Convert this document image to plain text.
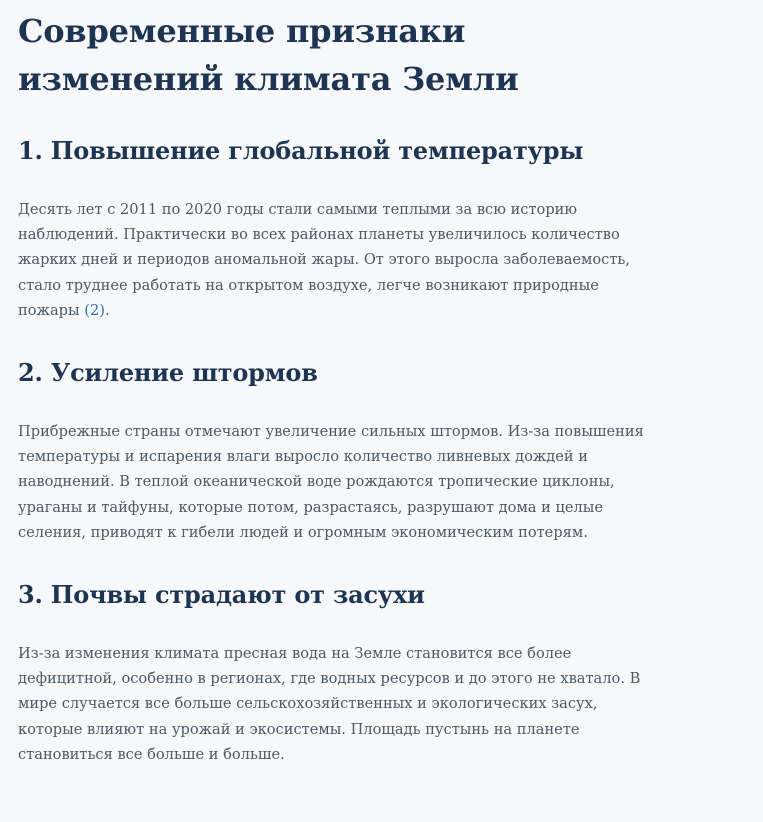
Современные признаки изменений климата Земли
1. Повышение глобальной температуры

Десять лет с 2011 по 2020 годы стали самыми теплыми за всю историю наблюдений. Практически во всех районах планеты увеличилось количество жарких дней и периодов аномальной жары. От этого выросла заболеваемость, стало труднее работать на открытом воздухе, легче возникают природные пожары (2).

2. Усиление штормов

Прибрежные страны отмечают увеличение сильных штормов. Из-за повышения температуры и испарения влаги выросло количество ливневых дождей и наводнений. В теплой океанической воде рождаются тропические циклоны, ураганы и тайфуны, которые потом, разрастаясь, разрушают дома и целые селения, приводят к гибели людей и огромным экономическим потерям.

3. Почвы страдают от засухи

Из-за изменения климата пресная вода на Земле становится все более дефицитной, особенно в регионах, где водных ресурсов и до этого не хватало. В мире случается все больше сельскохозяйственных и экологических засух, которые влияют на урожай и экосистемы. Площадь пустынь на планете становиться все больше и больше.
